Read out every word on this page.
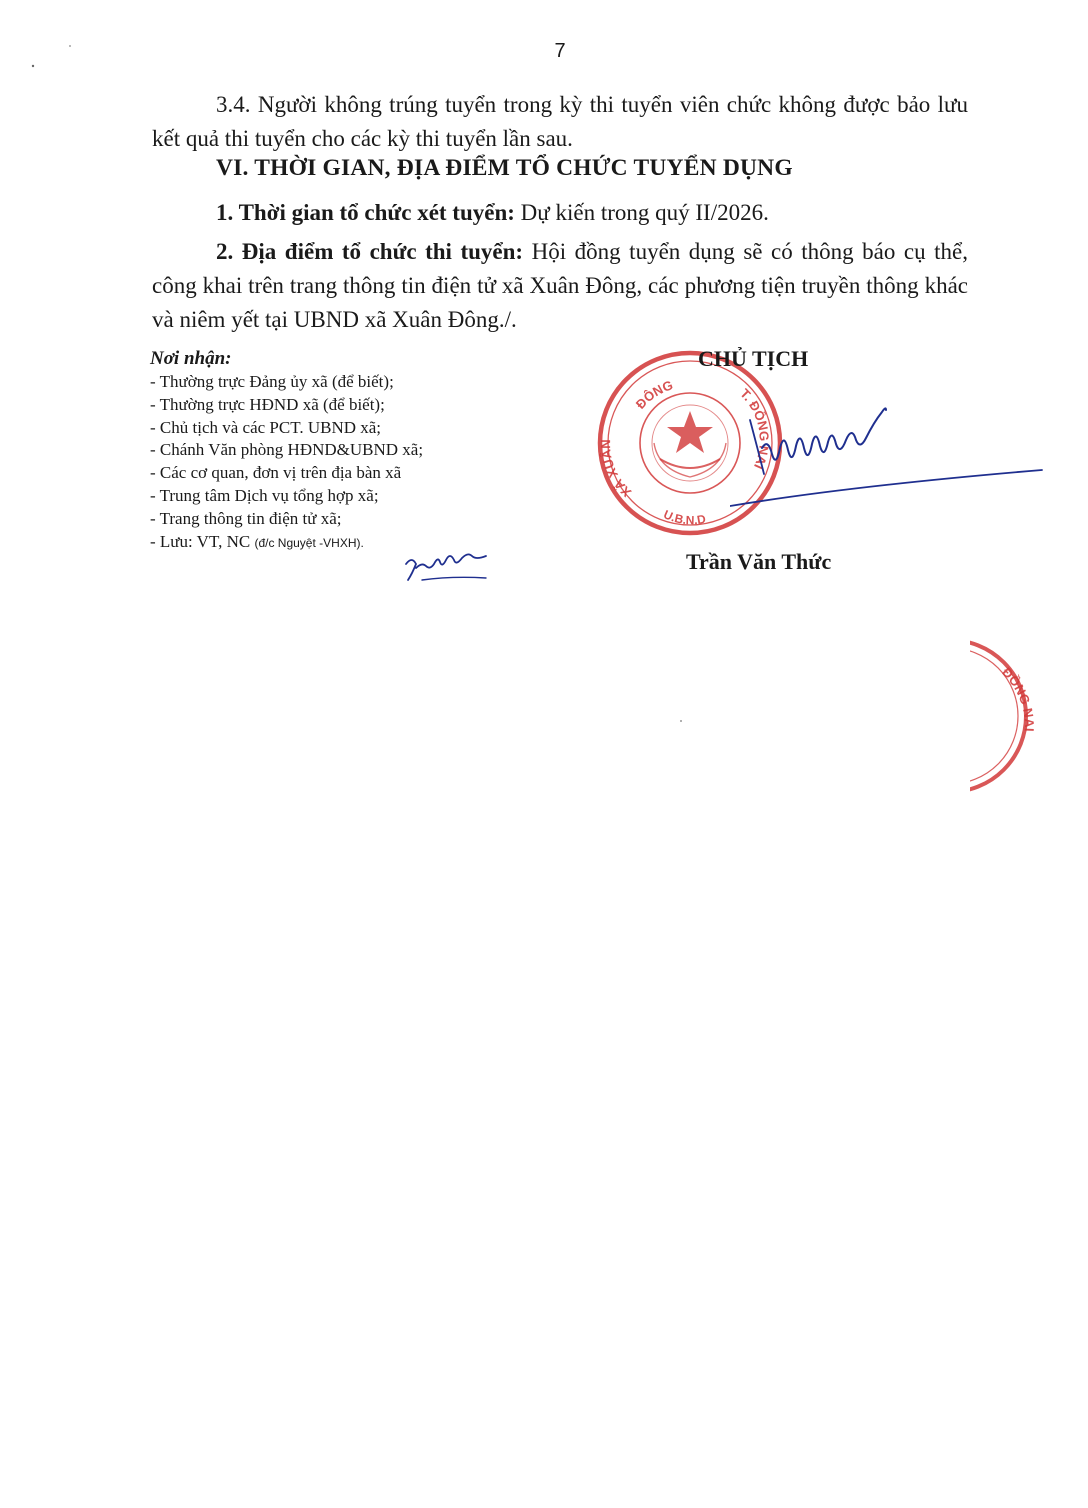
7
3.4. Người không trúng tuyển trong kỳ thi tuyển viên chức không được bảo lưu kết quả thi tuyển cho các kỳ thi tuyển lần sau.
VI. THỜI GIAN, ĐỊA ĐIỂM TỔ CHỨC TUYỂN DỤNG
1. Thời gian tổ chức xét tuyển: Dự kiến trong quý II/2026.
2. Địa điểm tổ chức thi tuyển: Hội đồng tuyển dụng sẽ có thông báo cụ thể, công khai trên trang thông tin điện tử xã Xuân Đông, các phương tiện truyền thông khác và niêm yết tại UBND xã Xuân Đông./.
Nơi nhận:
- Thường trực Đảng ủy xã (để biết);
- Thường trực HĐND xã (để biết);
- Chủ tịch và các PCT. UBND xã;
- Chánh Văn phòng HĐND&UBND xã;
- Các cơ quan, đơn vị trên địa bàn xã
- Trung tâm Dịch vụ tổng hợp xã;
- Trang thông tin điện tử xã;
- Lưu: VT, NC (đ/c Nguyệt -VHXH).
ĐÔNG	T. ĐỒNG NAI
XÃ XUÂN
U.B.N.D
CHỦ TỊCH
Trần Văn Thức
ĐỒNG NAI
